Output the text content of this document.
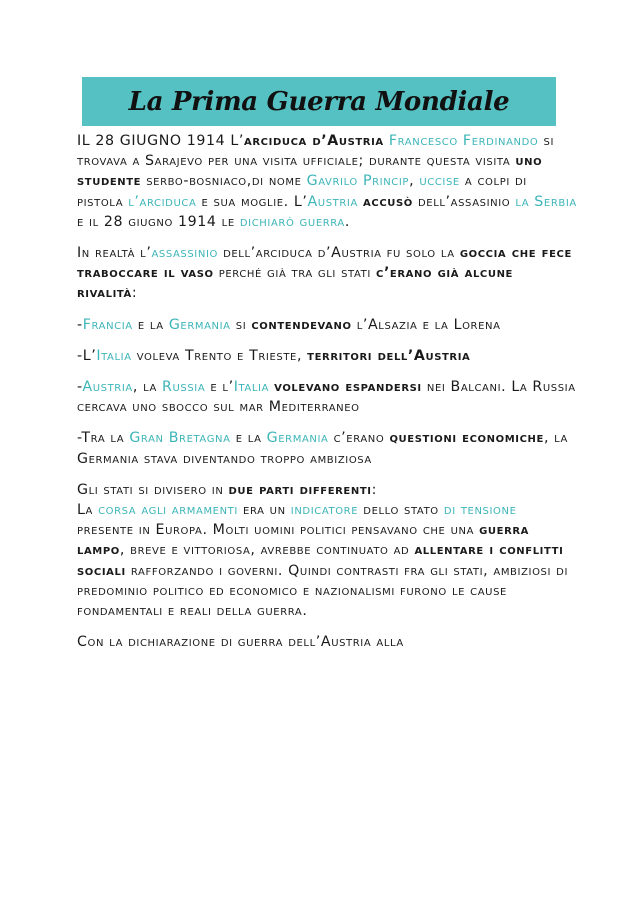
La Prima Guerra Mondiale

IL 28 GIUGNO 1914 L’arciduca d’Austria Francesco Ferdinando si trovava a Sarajevo per una visita ufficiale; durante questa visita uno studente serbo-bosniaco,di nome Gavrilo Princip, uccise a colpi di pistola l’arciduca e sua moglie. L’Austria accusò dell’assasinio la Serbia e il 28 giugno 1914 le dichiarò guerra.

In realtà l’assassinio dell’arciduca d’Austria fu solo la goccia che fece traboccare il vaso perché già tra gli stati c’erano già alcune rivalità:

-Francia e la Germania si contendevano l’Alsazia e la Lorena

-L’Italia voleva Trento e Trieste, territori dell’Austria

-Austria, la Russia e l’Italia volevano espandersi nei Balcani. La Russia cercava uno sbocco sul mar Mediterraneo

-Tra la Gran Bretagna e la Germania c’erano questioni economiche, la Germania stava diventando troppo ambiziosa

Gli stati si divisero in due parti differenti:
La corsa agli armamenti era un indicatore dello stato di tensione presente in Europa. Molti uomini politici pensavano che una guerra lampo, breve e vittoriosa, avrebbe continuato ad allentare i conflitti sociali rafforzando i governi. Quindi contrasti fra gli stati, ambiziosi di predominio politico ed economico e nazionalismi furono le cause fondamentali e reali della guerra.

Con la dichiarazione di guerra dell’Austria alla
